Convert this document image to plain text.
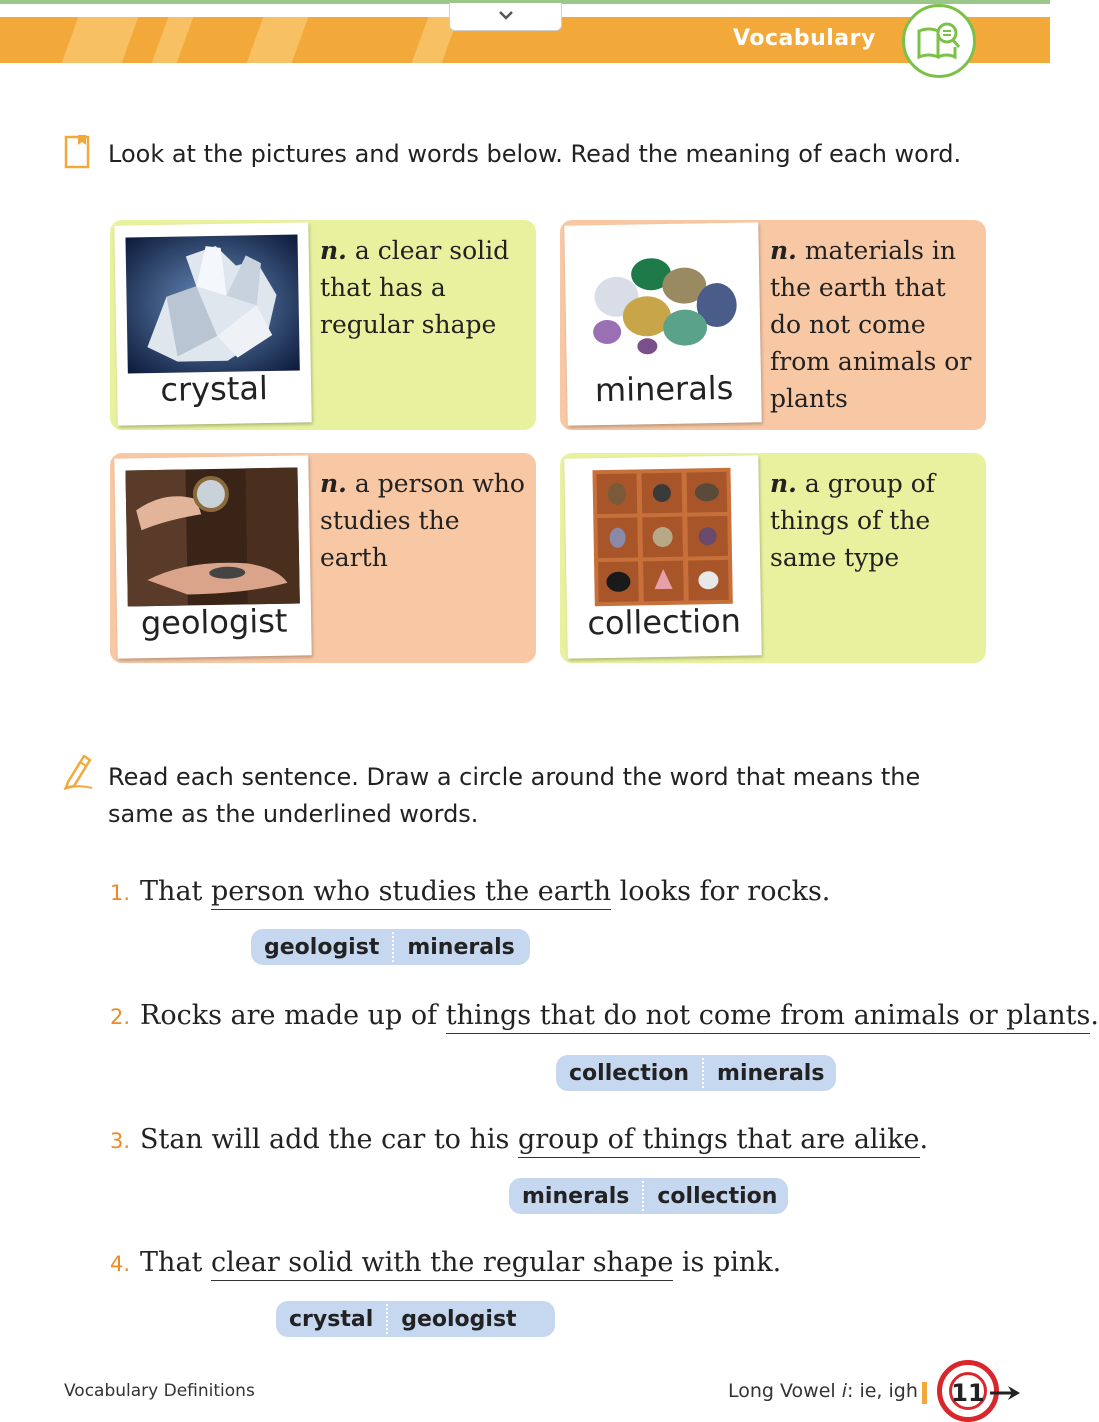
Vocabulary
Look at the pictures and words below. Read the meaning of each word.
crystal
n. a clear solid that has a regular shape
minerals
n. materials in the earth that do not come from animals or plants
geologist
n. a person who studies the earth
collection
n. a group of things of the same type
Read each sentence. Draw a circle around the word that means the
same as the underlined words.
1. That person who studies the earth looks for rocks.
geologist	minerals
2. Rocks are made up of things that do not come from animals or plants.
collection	minerals
3. Stan will add the car to his group of things that are alike.
minerals	collection
4. That clear solid with the regular shape is pink.
crystal	geologist
Vocabulary Definitions	Long Vowel i: ie, igh	11
